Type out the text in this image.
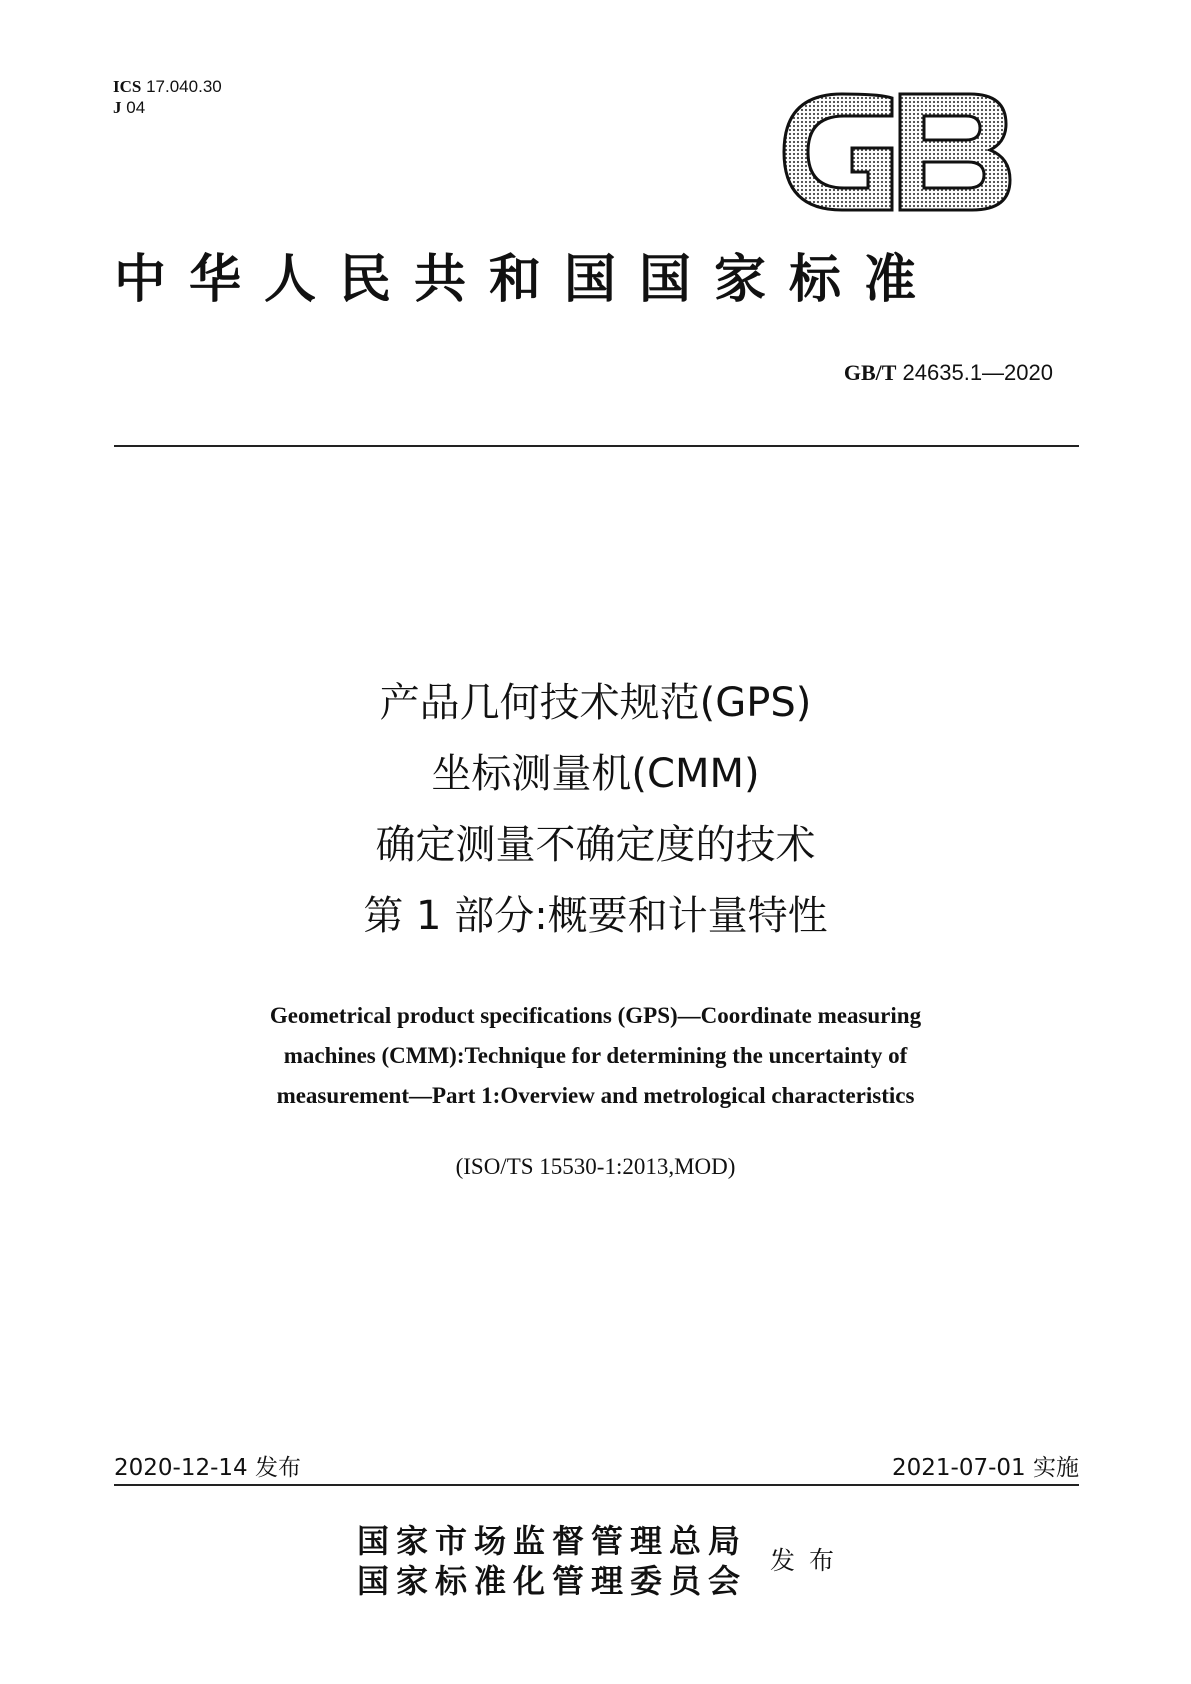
ICS 17.040.30
J 04
中华人民共和国国家标准
GB/T 24635.1—2020
产品几何技术规范(GPS)
坐标测量机(CMM)
确定测量不确定度的技术
第 1 部分:概要和计量特性
Geometrical product specifications (GPS)—Coordinate measuring
machines (CMM):Technique for determining the uncertainty of
measurement—Part 1:Overview and metrological characteristics
(ISO/TS 15530-1:2013,MOD)
2020-12-14 发布	2021-07-01 实施
国家市场监督管理总局
国家标准化管理委员会
发布
